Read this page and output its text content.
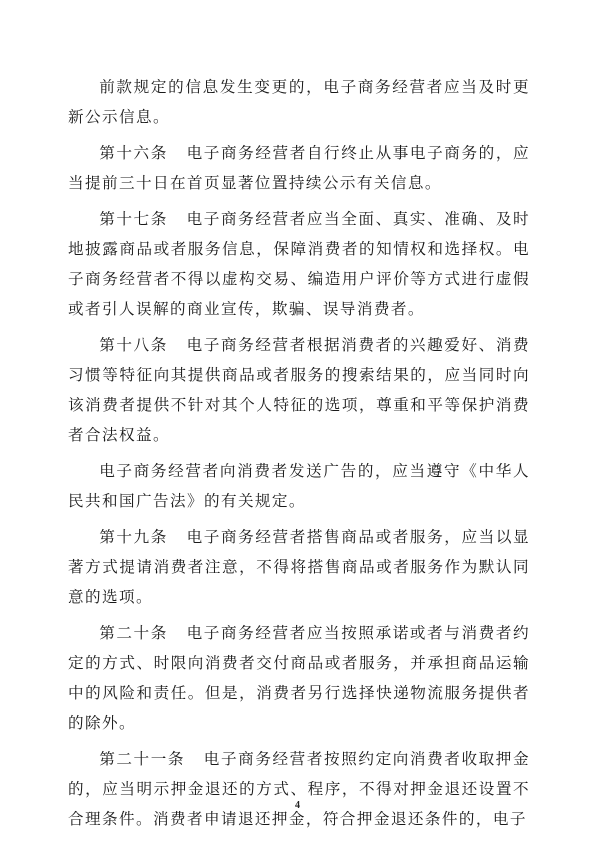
前款规定的信息发生变更的，电子商务经营者应当及时更新公示信息。

第十六条 电子商务经营者自行终止从事电子商务的，应当提前三十日在首页显著位置持续公示有关信息。

第十七条 电子商务经营者应当全面、真实、准确、及时地披露商品或者服务信息，保障消费者的知情权和选择权。电子商务经营者不得以虚构交易、编造用户评价等方式进行虚假或者引人误解的商业宣传，欺骗、误导消费者。

第十八条 电子商务经营者根据消费者的兴趣爱好、消费习惯等特征向其提供商品或者服务的搜索结果的，应当同时向该消费者提供不针对其个人特征的选项，尊重和平等保护消费者合法权益。

电子商务经营者向消费者发送广告的，应当遵守《中华人民共和国广告法》的有关规定。

第十九条 电子商务经营者搭售商品或者服务，应当以显著方式提请消费者注意，不得将搭售商品或者服务作为默认同意的选项。

第二十条 电子商务经营者应当按照承诺或者与消费者约定的方式、时限向消费者交付商品或者服务，并承担商品运输中的风险和责任。但是，消费者另行选择快递物流服务提供者的除外。

第二十一条 电子商务经营者按照约定向消费者收取押金的，应当明示押金退还的方式、程序，不得对押金退还设置不合理条件。消费者申请退还押金，符合押金退还条件的，电子

4
